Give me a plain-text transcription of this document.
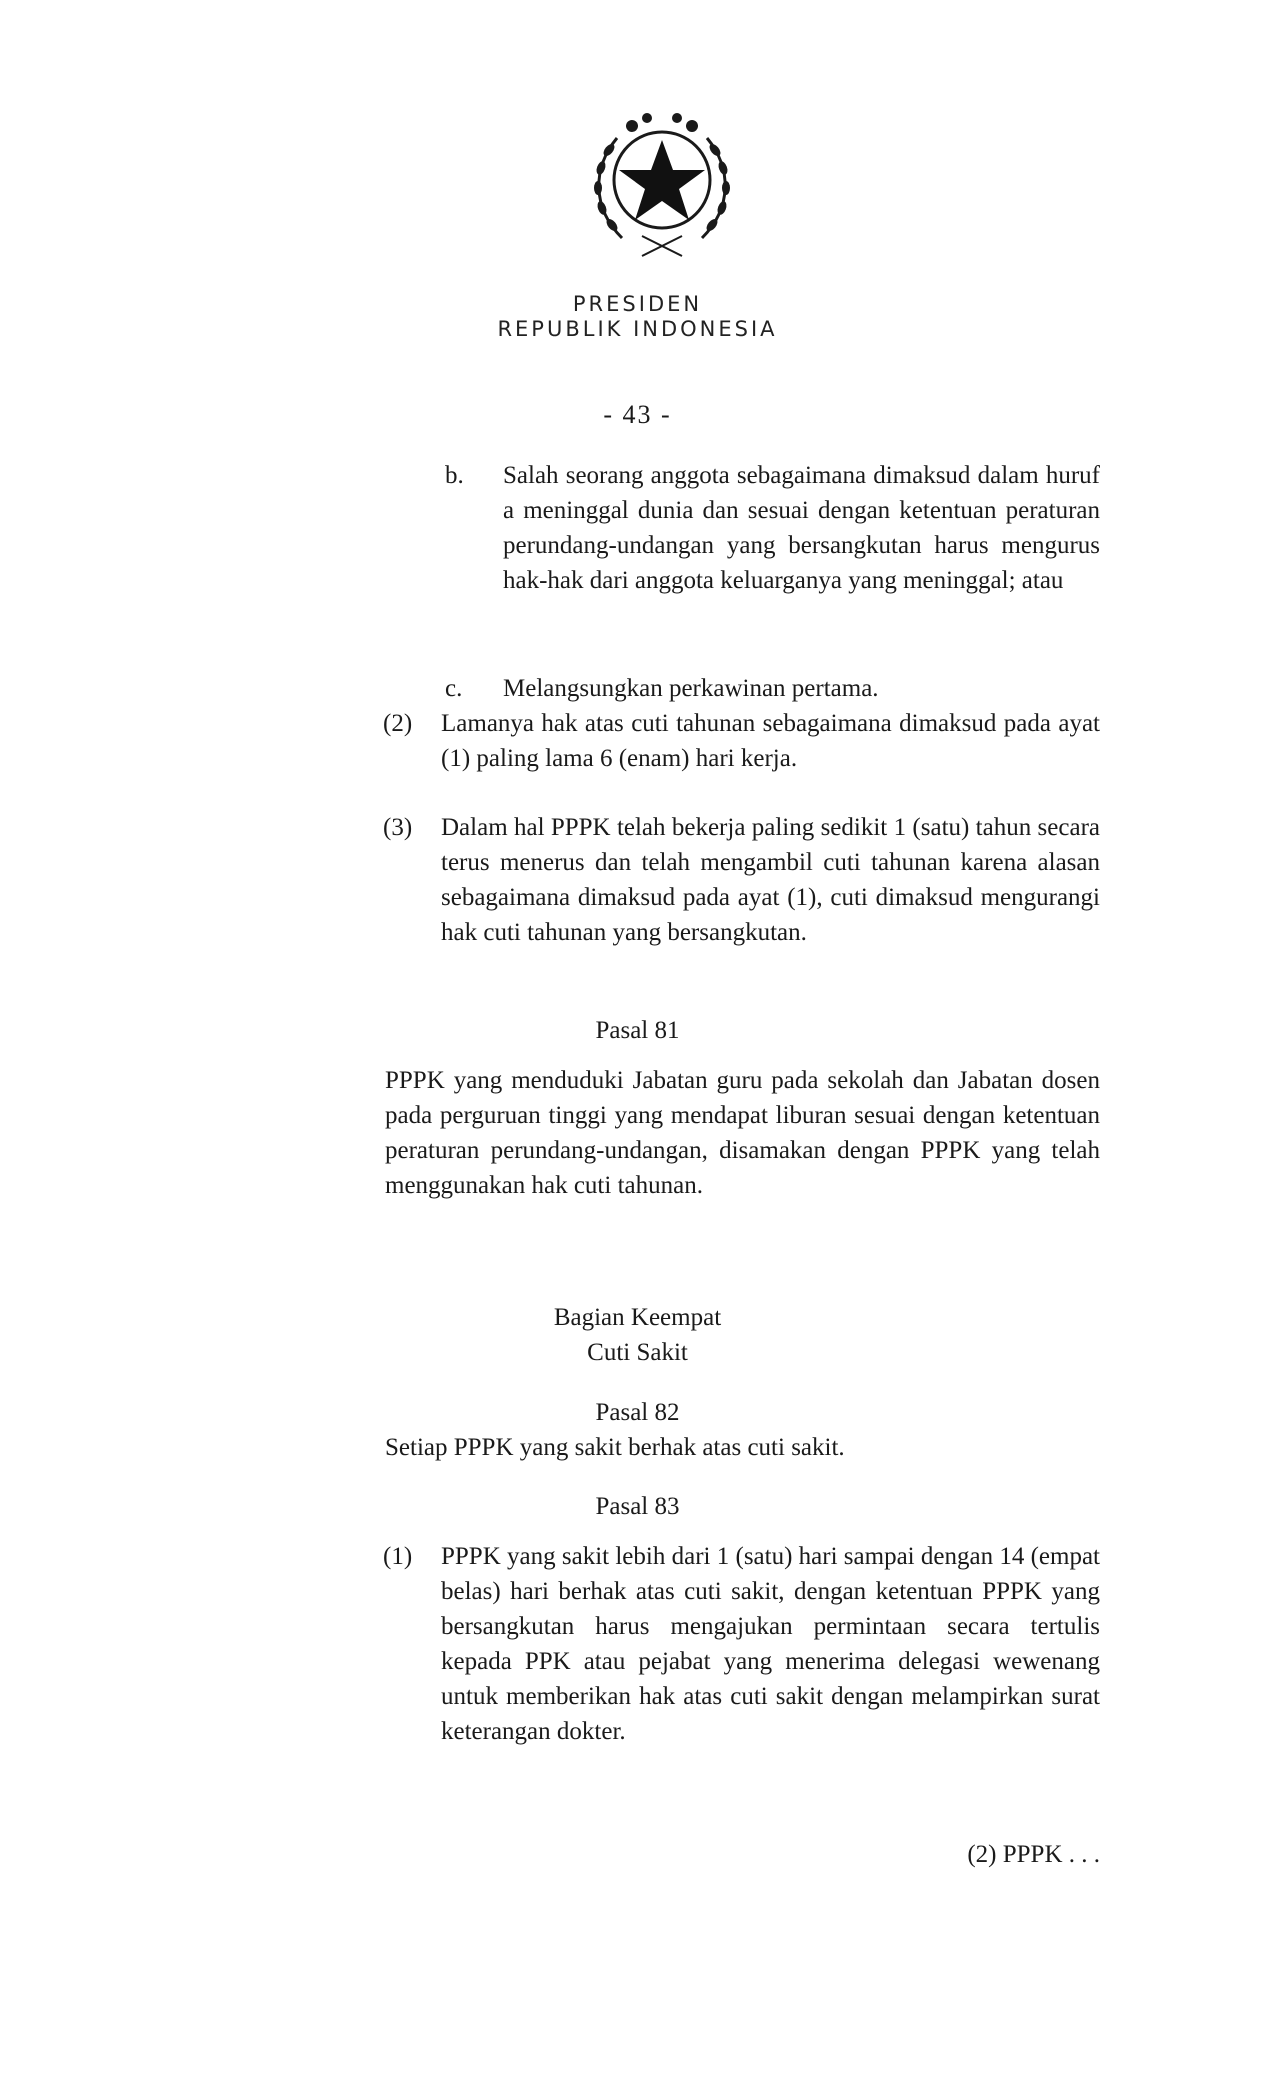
PRESIDEN
REPUBLIK INDONESIA
- 43 -
b.	Salah seorang anggota sebagaimana dimaksud dalam huruf a meninggal dunia dan sesuai dengan ketentuan peraturan perundang-undangan yang bersangkutan harus mengurus hak-hak dari anggota keluarganya yang meninggal; atau
c.	Melangsungkan perkawinan pertama.
(2)	Lamanya hak atas cuti tahunan sebagaimana dimaksud pada ayat (1) paling lama 6 (enam) hari kerja.
(3)	Dalam hal PPPK telah bekerja paling sedikit 1 (satu) tahun secara terus menerus dan telah mengambil cuti tahunan karena alasan sebagaimana dimaksud pada ayat (1), cuti dimaksud mengurangi hak cuti tahunan yang bersangkutan.
Pasal 81
PPPK yang menduduki Jabatan guru pada sekolah dan Jabatan dosen pada perguruan tinggi yang mendapat liburan sesuai dengan ketentuan peraturan perundang-undangan, disamakan dengan PPPK yang telah menggunakan hak cuti tahunan.
Bagian Keempat
Cuti Sakit
Pasal 82
Setiap PPPK yang sakit berhak atas cuti sakit.
Pasal 83
(1)	PPPK yang sakit lebih dari 1 (satu) hari sampai dengan 14 (empat belas) hari berhak atas cuti sakit, dengan ketentuan PPPK yang bersangkutan harus mengajukan permintaan secara tertulis kepada PPK atau pejabat yang menerima delegasi wewenang untuk memberikan hak atas cuti sakit dengan melampirkan surat keterangan dokter.
(2) PPPK . . .
